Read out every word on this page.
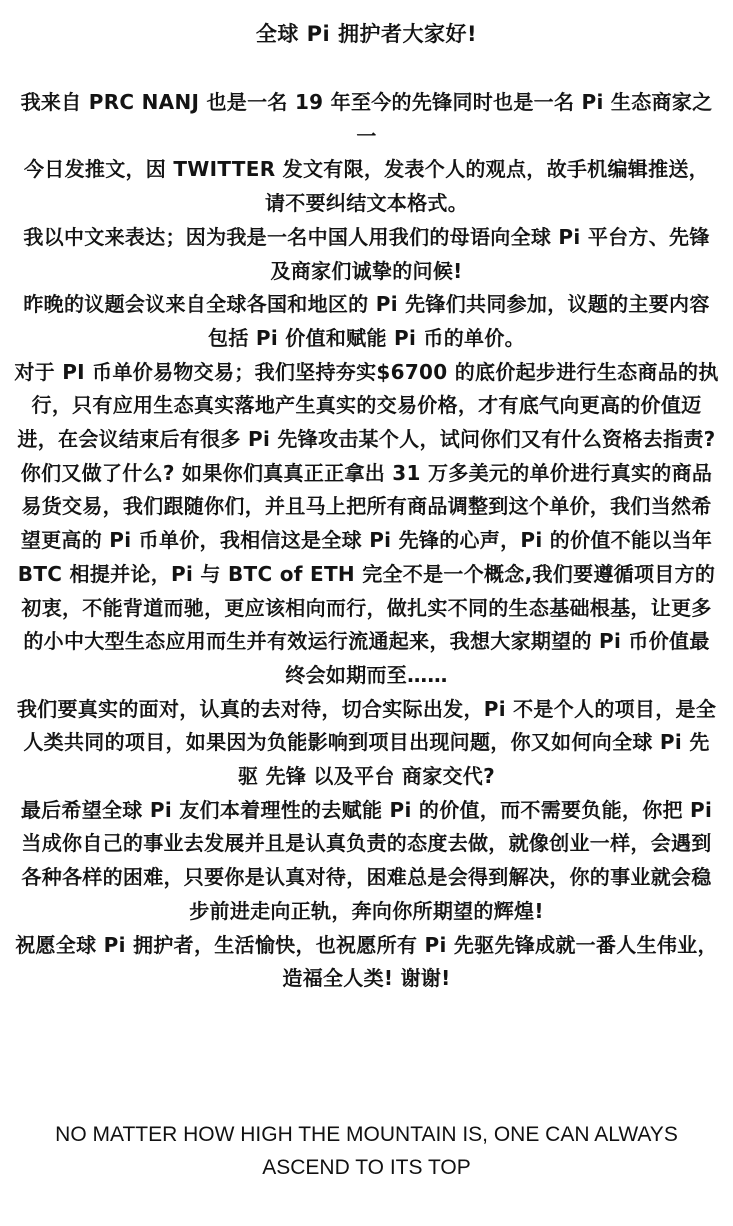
全球 Pi 拥护者大家好!

我来自 PRC NANJ 也是一名 19 年至今的先锋同时也是一名 Pi 生态商家之一

今日发推文，因 TWITTER 发文有限，发表个人的观点，故手机编辑推送，请不要纠结文本格式。

我以中文来表达；因为我是一名中国人用我们的母语向全球 Pi 平台方、先锋及商家们诚挚的问候!

昨晚的议题会议来自全球各国和地区的 Pi 先锋们共同参加，议题的主要内容包括 Pi 价值和赋能 Pi 币的单价。

对于 PI 币单价易物交易；我们坚持夯实$6700 的底价起步进行生态商品的执行，只有应用生态真实落地产生真实的交易价格，才有底气向更高的价值迈进，在会议结束后有很多 Pi 先锋攻击某个人，试问你们又有什么资格去指责? 你们又做了什么? 如果你们真真正正拿出 31 万多美元的单价进行真实的商品易货交易，我们跟随你们，并且马上把所有商品调整到这个单价，我们当然希望更高的 Pi 币单价，我相信这是全球 Pi 先锋的心声，Pi 的价值不能以当年 BTC 相提并论，Pi 与 BTC of ETH 完全不是一个概念,我们要遵循项目方的初衷，不能背道而驰，更应该相向而行，做扎实不同的生态基础根基，让更多的小中大型生态应用而生并有效运行流通起来，我想大家期望的 Pi 币价值最终会如期而至……

我们要真实的面对，认真的去对待，切合实际出发，Pi 不是个人的项目，是全人类共同的项目，如果因为负能影响到项目出现问题，你又如何向全球 Pi 先驱 先锋 以及平台 商家交代?

最后希望全球 Pi 友们本着理性的去赋能 Pi 的价值，而不需要负能，你把 Pi 当成你自己的事业去发展并且是认真负责的态度去做，就像创业一样，会遇到各种各样的困难，只要你是认真对待，困难总是会得到解决，你的事业就会稳步前进走向正轨，奔向你所期望的辉煌!

祝愿全球 Pi 拥护者，生活愉快，也祝愿所有 Pi 先驱先锋成就一番人生伟业，造福全人类! 谢谢!

NO MATTER HOW HIGH THE MOUNTAIN IS, ONE CAN ALWAYS ASCEND TO ITS TOP
